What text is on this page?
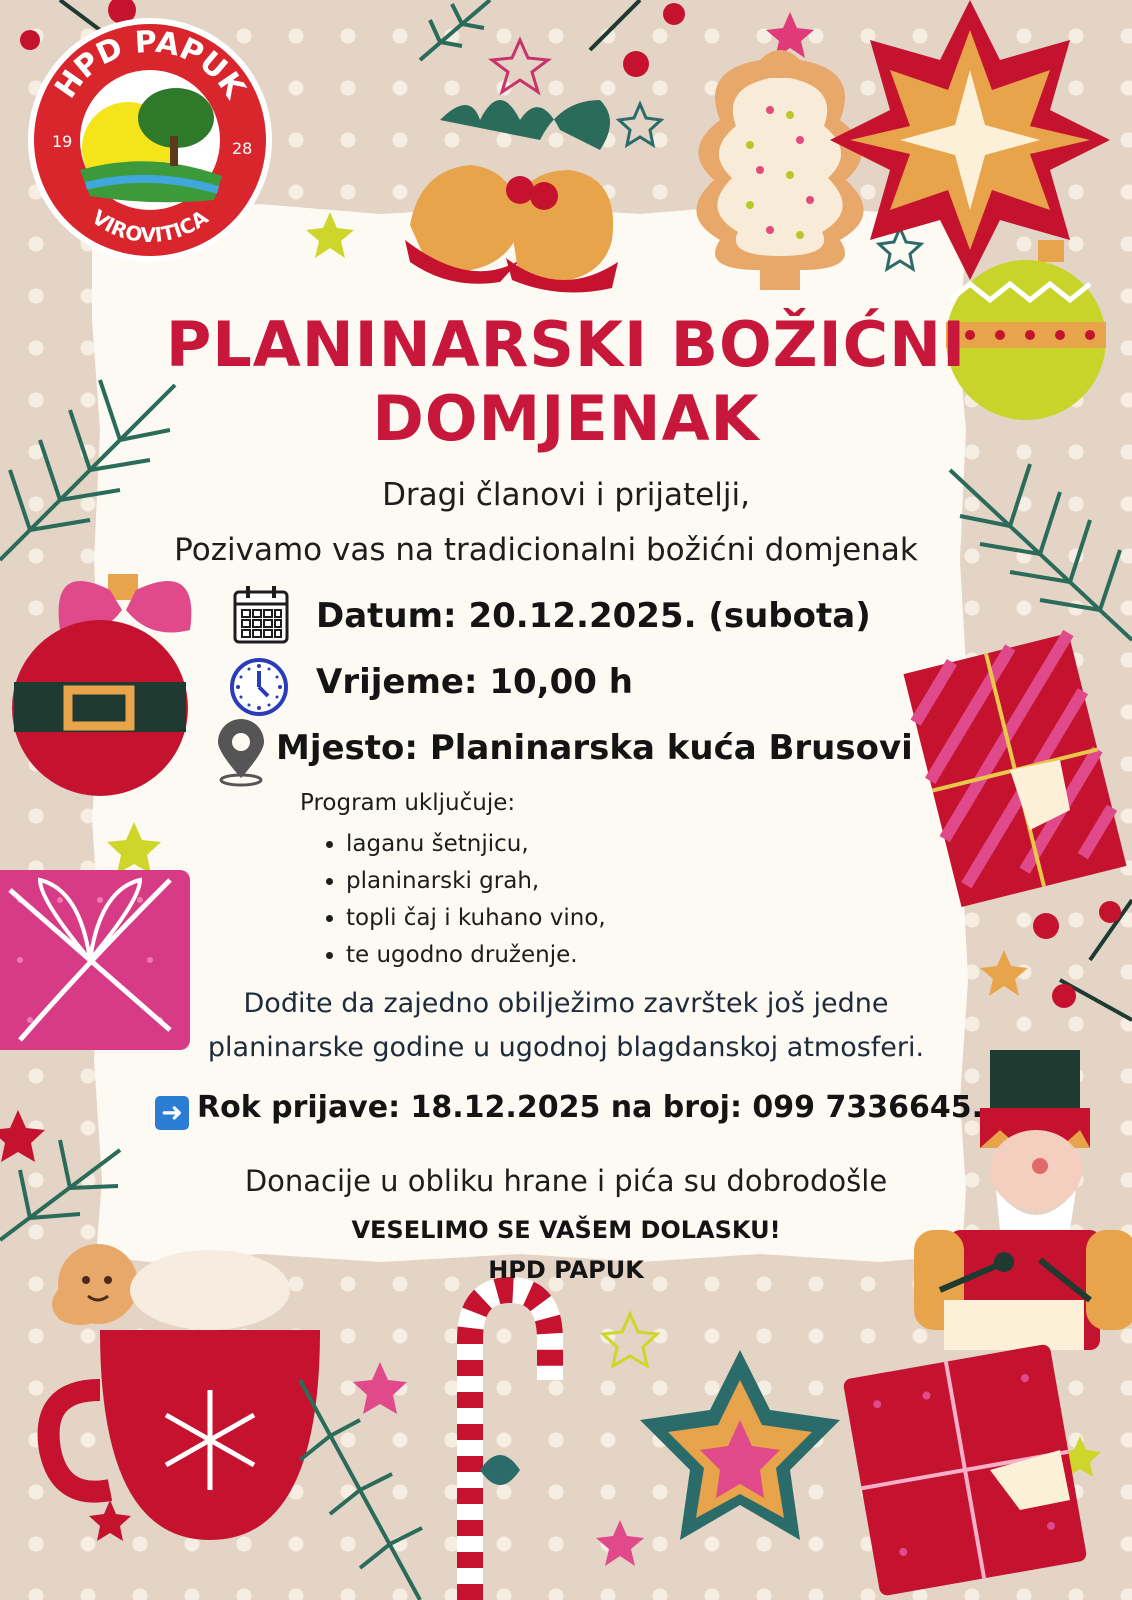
HPD PAPUK
VIROVITICA
19	28
PLANINARSKI BOŽIĆNI
DOMJENAK

Dragi članovi i prijatelji,

Pozivamo vas na tradicionalni božićni domjenak

Datum: 20.12.2025. (subota)
Vrijeme: 10,00 h
Mjesto: Planinarska kuća Brusovi

Program uključuje:

• laganu šetnjicu,
• planinarski grah,
• topli čaj i kuhano vino,
• te ugodno druženje.

Dođite da zajedno obilježimo završtek još jedne

planinarske godine u ugodnoj blagdanskoj atmosferi.

➜ Rok prijave: 18.12.2025 na broj: 099 7336645.

Donacije u obliku hrane i pića su dobrodošle

VESELIMO SE VAŠEM DOLASKU!

HPD PAPUK
